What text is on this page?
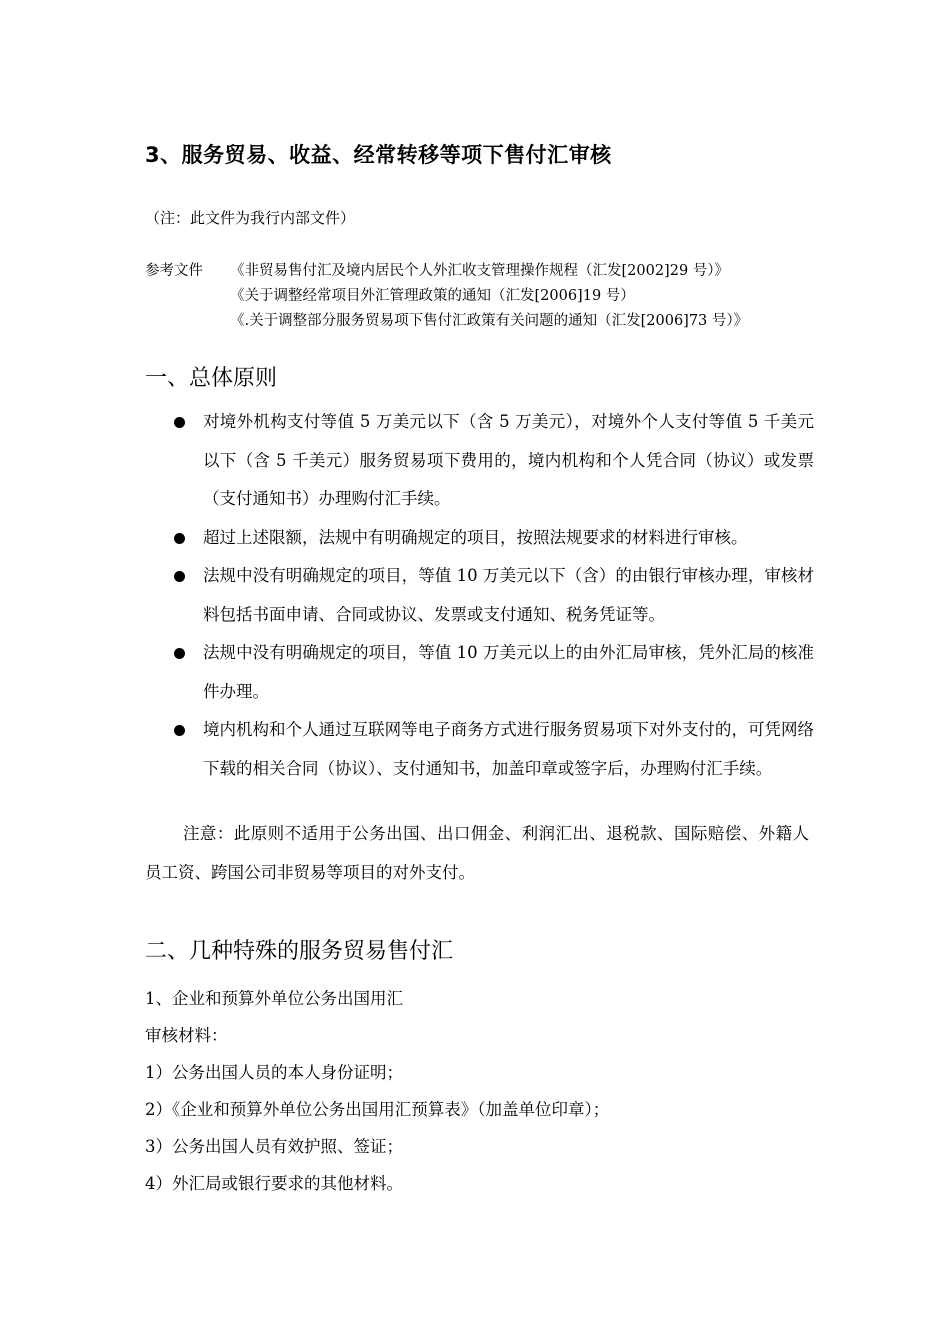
3、服务贸易、收益、经常转移等项下售付汇审核
（注：此文件为我行内部文件）
参考文件 《非贸易售付汇及境内居民个人外汇收支管理操作规程（汇发[2002]29 号）》
《关于调整经常项目外汇管理政策的通知（汇发[2006]19 号）
《.关于调整部分服务贸易项下售付汇政策有关问题的通知（汇发[2006]73 号）》
一、总体原则
对境外机构支付等值 5 万美元以下（含 5 万美元），对境外个人支付等值 5 千美元以下（含 5 千美元）服务贸易项下费用的，境内机构和个人凭合同（协议）或发票（支付通知书）办理购付汇手续。
超过上述限额，法规中有明确规定的项目，按照法规要求的材料进行审核。
法规中没有明确规定的项目，等值 10 万美元以下（含）的由银行审核办理，审核材料包括书面申请、合同或协议、发票或支付通知、税务凭证等。
法规中没有明确规定的项目，等值 10 万美元以上的由外汇局审核，凭外汇局的核准件办理。
境内机构和个人通过互联网等电子商务方式进行服务贸易项下对外支付的，可凭网络下载的相关合同（协议）、支付通知书，加盖印章或签字后，办理购付汇手续。
注意：此原则不适用于公务出国、出口佣金、利润汇出、退税款、国际赔偿、外籍人员工资、跨国公司非贸易等项目的对外支付。
二、几种特殊的服务贸易售付汇
1、企业和预算外单位公务出国用汇
审核材料：
1）公务出国人员的本人身份证明；
2）《企业和预算外单位公务出国用汇预算表》（加盖单位印章）；
3）公务出国人员有效护照、签证；
4）外汇局或银行要求的其他材料。
